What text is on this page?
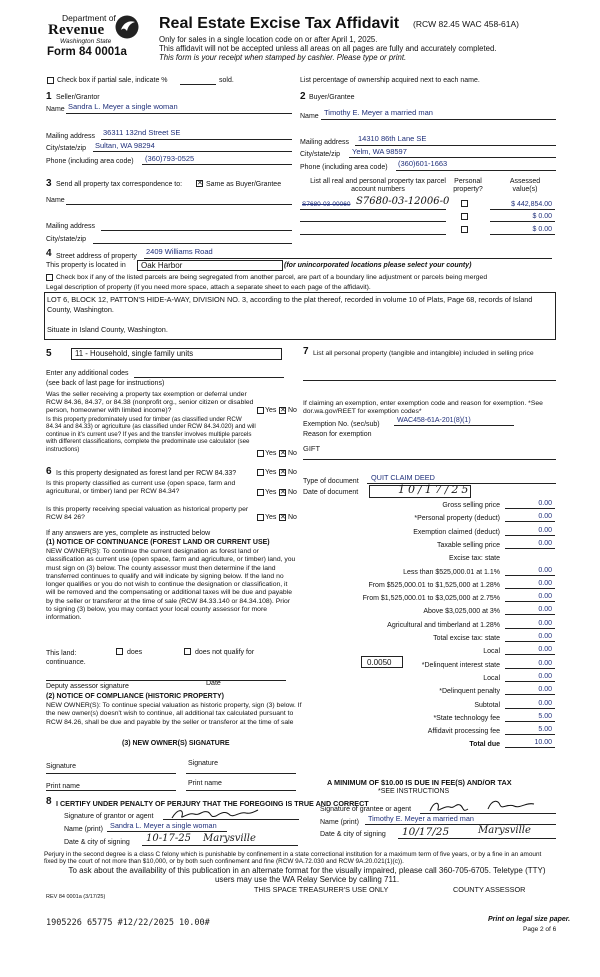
Department of
Revenue
Washington State
Form 84 0001a
Real Estate Excise Tax Affidavit (RCW 82.45 WAC 458-61A)
Only for sales in a single location code on or after April 1, 2025.
This affidavit will not be accepted unless all areas on all pages are fully and accurately completed.
This form is your receipt when stamped by cashier. Please type or print.
Check box if partial sale, indicate %	sold.	List percentage of ownership acquired next to each name.
1 Seller/Grantor
Name Sandra L. Meyer a single woman
Mailing address 36311 132nd Street SE
City/state/zip Sultan, WA 98294
Phone (including area code) (360)793-0525
2 Buyer/Grantee
Name Timothy E. Meyer a married man
Mailing address 14310 86th Lane SE
City/state/zip Yelm, WA 98597
Phone (including area code) (360)601-1663
3 Send all property tax correspondence to: ✕	Same as Buyer/Grantee
Name
Mailing address
City/state/zip
List all real and personal property tax parcel account numbers
Personal property?
Assessed value(s)
S7680-03-00060 S7680-03-12006-0	$ 442,854.00
$ 0.00
$ 0.00
4 Street address of property
2409 Williams Road
This property is located in Oak Harbor	(for unincorporated locations please select your county)
Check box if any of the listed parcels are being segregated from another parcel, are part of a boundary line adjustment or parcels being merged
Legal description of property (if you need more space, attach a separate sheet to each page of the affidavit).
LOT 6, BLOCK 12, PATTON'S HIDE-A-WAY, DIVISION NO. 3, according to the plat thereof, recorded in volume 10 of Plats, Page 68, records of Island County, Washington.
Situate in Island County, Washington.
5	11 - Household, single family units
Enter any additional codes
(see back of last page for instructions)
Was the seller receiving a property tax exemption or deferral under RCW 84.36, 84.37, or 84.38 (nonprofit org., senior citizen or disabled person, homeowner with limited income)?	Yes ✕ No
Is this property predominately used for timber (as classified under RCW 84.34 and 84.33) or agriculture (as classified under RCW 84.34.020) and will continue in it's current use? If yes and the transfer involves multiple parcels with different classifications, complete the predominate use calculator (see instructions)
Yes ✕ No
6 Is this property designated as forest land per RCW 84.33?	Yes ✕ No
Is this property classified as current use (open space, farm and agricultural, or timber) land per RCW 84.34?	Yes ✕ No
Is this property receiving special valuation as historical property per RCW 84 26?	Yes ✕ No
If any answers are yes, complete as instructed below
(1) NOTICE OF CONTINUANCE (FOREST LAND OR CURRENT USE)
NEW OWNER(S): To continue the current designation as forest land or classification as current use (open space, farm and agriculture, or timber) land, you must sign on (3) below. The county assessor must then determine if the land transferred continues to qualify and will indicate by signing below. If the land no longer qualifies or you do not wish to continue the designation or classification, it will be removed and the compensating or additional taxes will be due and payable by the seller or transferor at the time of sale (RCW 84.33.140 or 84.34.108). Prior to signing (3) below, you may contact your local county assessor for more information.
This land:	does	does not qualify for
continuance.
Deputy assessor signature	Date
(2) NOTICE OF COMPLIANCE (HISTORIC PROPERTY)
NEW OWNER(S): To continue special valuation as historic property, sign (3) below. If the new owner(s) doesn't wish to continue, all additional tax calculated pursuant to RCW 84.26, shall be due and payable by the seller or transferor at the time of sale
(3) NEW OWNER(S) SIGNATURE
Signature	Signature
Print name	Print name
7 List all personal property (tangible and intangible) included in selling price
If claiming an exemption, enter exemption code and reason for exemption. *See dor.wa.gov/REET for exemption codes*
Exemption No. (sec/sub)
WAC458-61A-201(8)(1)
Reason for exemption
GIFT
Type of document QUIT CLAIM DEED
Date of document	10/17/25
Gross selling price	0.00
*Personal property (deduct)	0.00
Exemption claimed (deduct)	0.00
Taxable selling price	0.00
Excise tax: state
Less than $525,000.01 at 1.1%	0.00
From $525,000.01 to $1,525,000 at 1.28%	0.00
From $1,525,000.01 to $3,025,000 at 2.75%	0.00
Above $3,025,000 at 3%	0.00
Agricultural and timberland at 1.28%	0.00
Total excise tax: state	0.00
Local	0.00
*Delinquent interest state	0.00
Local	0.00
*Delinquent penalty	0.00
Subtotal	0.00
*State technology fee	5.00
Affidavit processing fee	5.00
Total due	10.00
0.0050
A MINIMUM OF $10.00 IS DUE IN FEE(S) AND/OR TAX
*SEE INSTRUCTIONS
8 I CERTIFY UNDER PENALTY OF PERJURY THAT THE FOREGOING IS TRUE AND CORRECT
Signature of grantor or agent
Name (print) Sandra L. Meyer a single woman
Date & city of signing 10-17-25 Marysville
Signature of grantee or agent
Name (print) Timothy E. Meyer a married man
Date & city of signing 10/17/25	Marysville
Perjury in the second degree is a class C felony which is punishable by confinement in a state correctional institution for a maximum term of five years, or by a fine in an amount fixed by the court of not more than $10,000, or by both such confinement and fine (RCW 9A.72.030 and RCW 9A.20.021(1)(c)).
To ask about the availability of this publication in an alternate format for the visually impaired, please call 360-705-6705. Teletype (TTY) users may use the WA Relay Service by calling 711.
REV 84 0001a (3/17/25)
THIS SPACE TREASURER'S USE ONLY	COUNTY ASSESSOR
1905226 65775 #12/22/2025 10.00#	Print on legal size paper.
Page 2 of 6
